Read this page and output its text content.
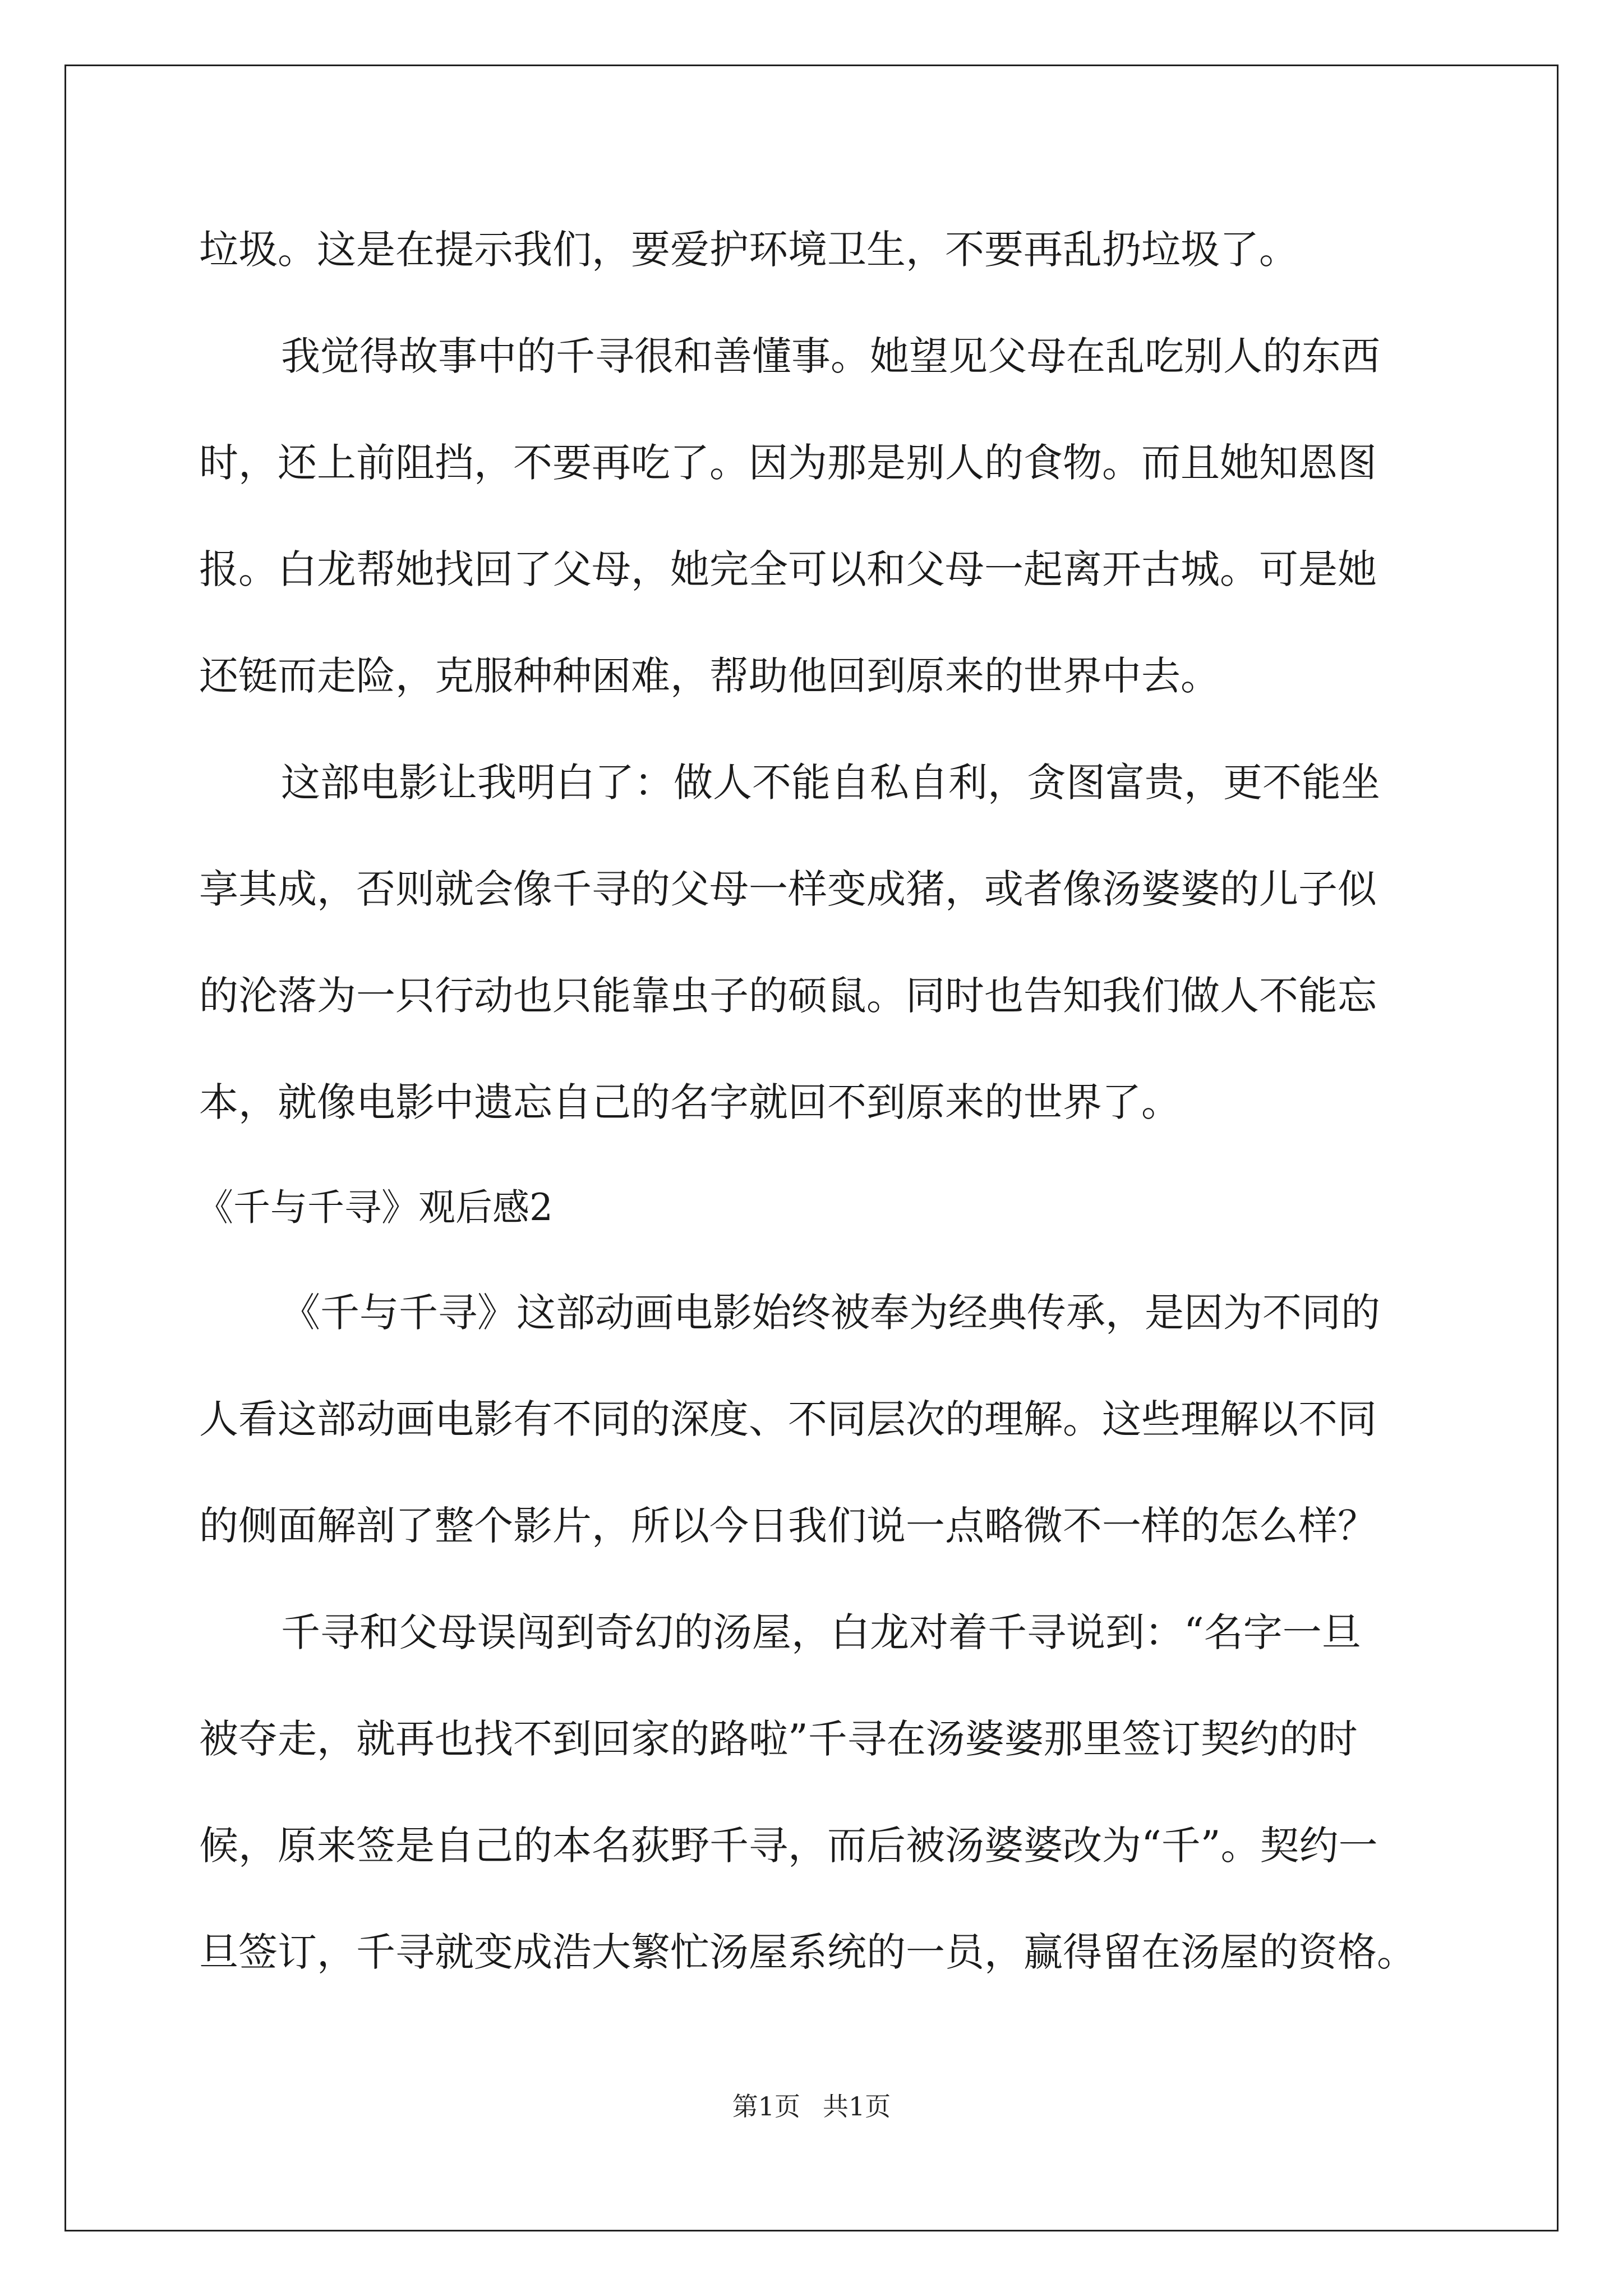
垃圾。这是在提示我们，要爱护环境卫生，不要再乱扔垃圾了。
我觉得故事中的千寻很和善懂事。她望见父母在乱吃别人的东西
时，还上前阻挡，不要再吃了。因为那是别人的食物。而且她知恩图
报。白龙帮她找回了父母，她完全可以和父母一起离开古城。可是她
还铤而走险，克服种种困难，帮助他回到原来的世界中去。
这部电影让我明白了：做人不能自私自利，贪图富贵，更不能坐
享其成，否则就会像千寻的父母一样变成猪，或者像汤婆婆的儿子似
的沦落为一只行动也只能靠虫子的硕鼠。同时也告知我们做人不能忘
本，就像电影中遗忘自己的名字就回不到原来的世界了。
《千与千寻》观后感2
《千与千寻》这部动画电影始终被奉为经典传承，是因为不同的
人看这部动画电影有不同的深度、不同层次的理解。这些理解以不同
的侧面解剖了整个影片，所以今日我们说一点略微不一样的怎么样？
千寻和父母误闯到奇幻的汤屋，白龙对着千寻说到：“名字一旦
被夺走，就再也找不到回家的路啦”千寻在汤婆婆那里签订契约的时
候，原来签是自己的本名荻野千寻，而后被汤婆婆改为“千”。契约一
旦签订，千寻就变成浩大繁忙汤屋系统的一员，赢得留在汤屋的资格。
第1页 共1页
